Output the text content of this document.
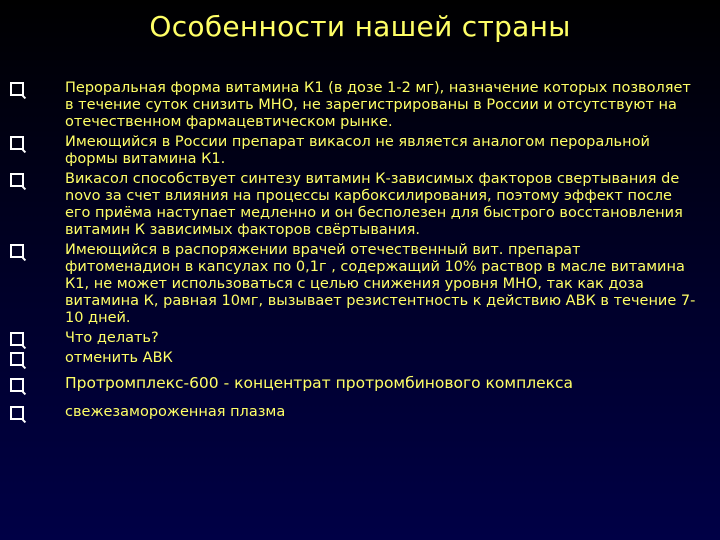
Особенности нашей страны
Пероральная форма витамина К1 (в дозе 1-2 мг), назначение которых позволяет в течение суток снизить МНО, не зарегистрированы в России и отсутствуют на отечественном фармацевтическом рынке.
Имеющийся в России препарат викасол не является аналогом пероральной формы витамина К1.
Викасол способствует синтезу витамин К-зависимых факторов свертывания de novo за счет влияния на процессы карбоксилирования, поэтому эффект после его приёма наступает медленно и он бесполезен для быстрого восстановления витамин К зависимых факторов свёртывания.
Имеющийся в распоряжении врачей отечественный вит. препарат фитоменадион в капсулах по 0,1г , содержащий 10% раствор в масле витамина К1, не может использоваться с целью снижения уровня МНО, так как доза витамина К, равная 10мг, вызывает резистентность к действию АВК в течение 7-10 дней.
Что делать?
отменить АВК
Протромплекс-600 - концентрат протромбинового комплекса
свежезамороженная плазма
